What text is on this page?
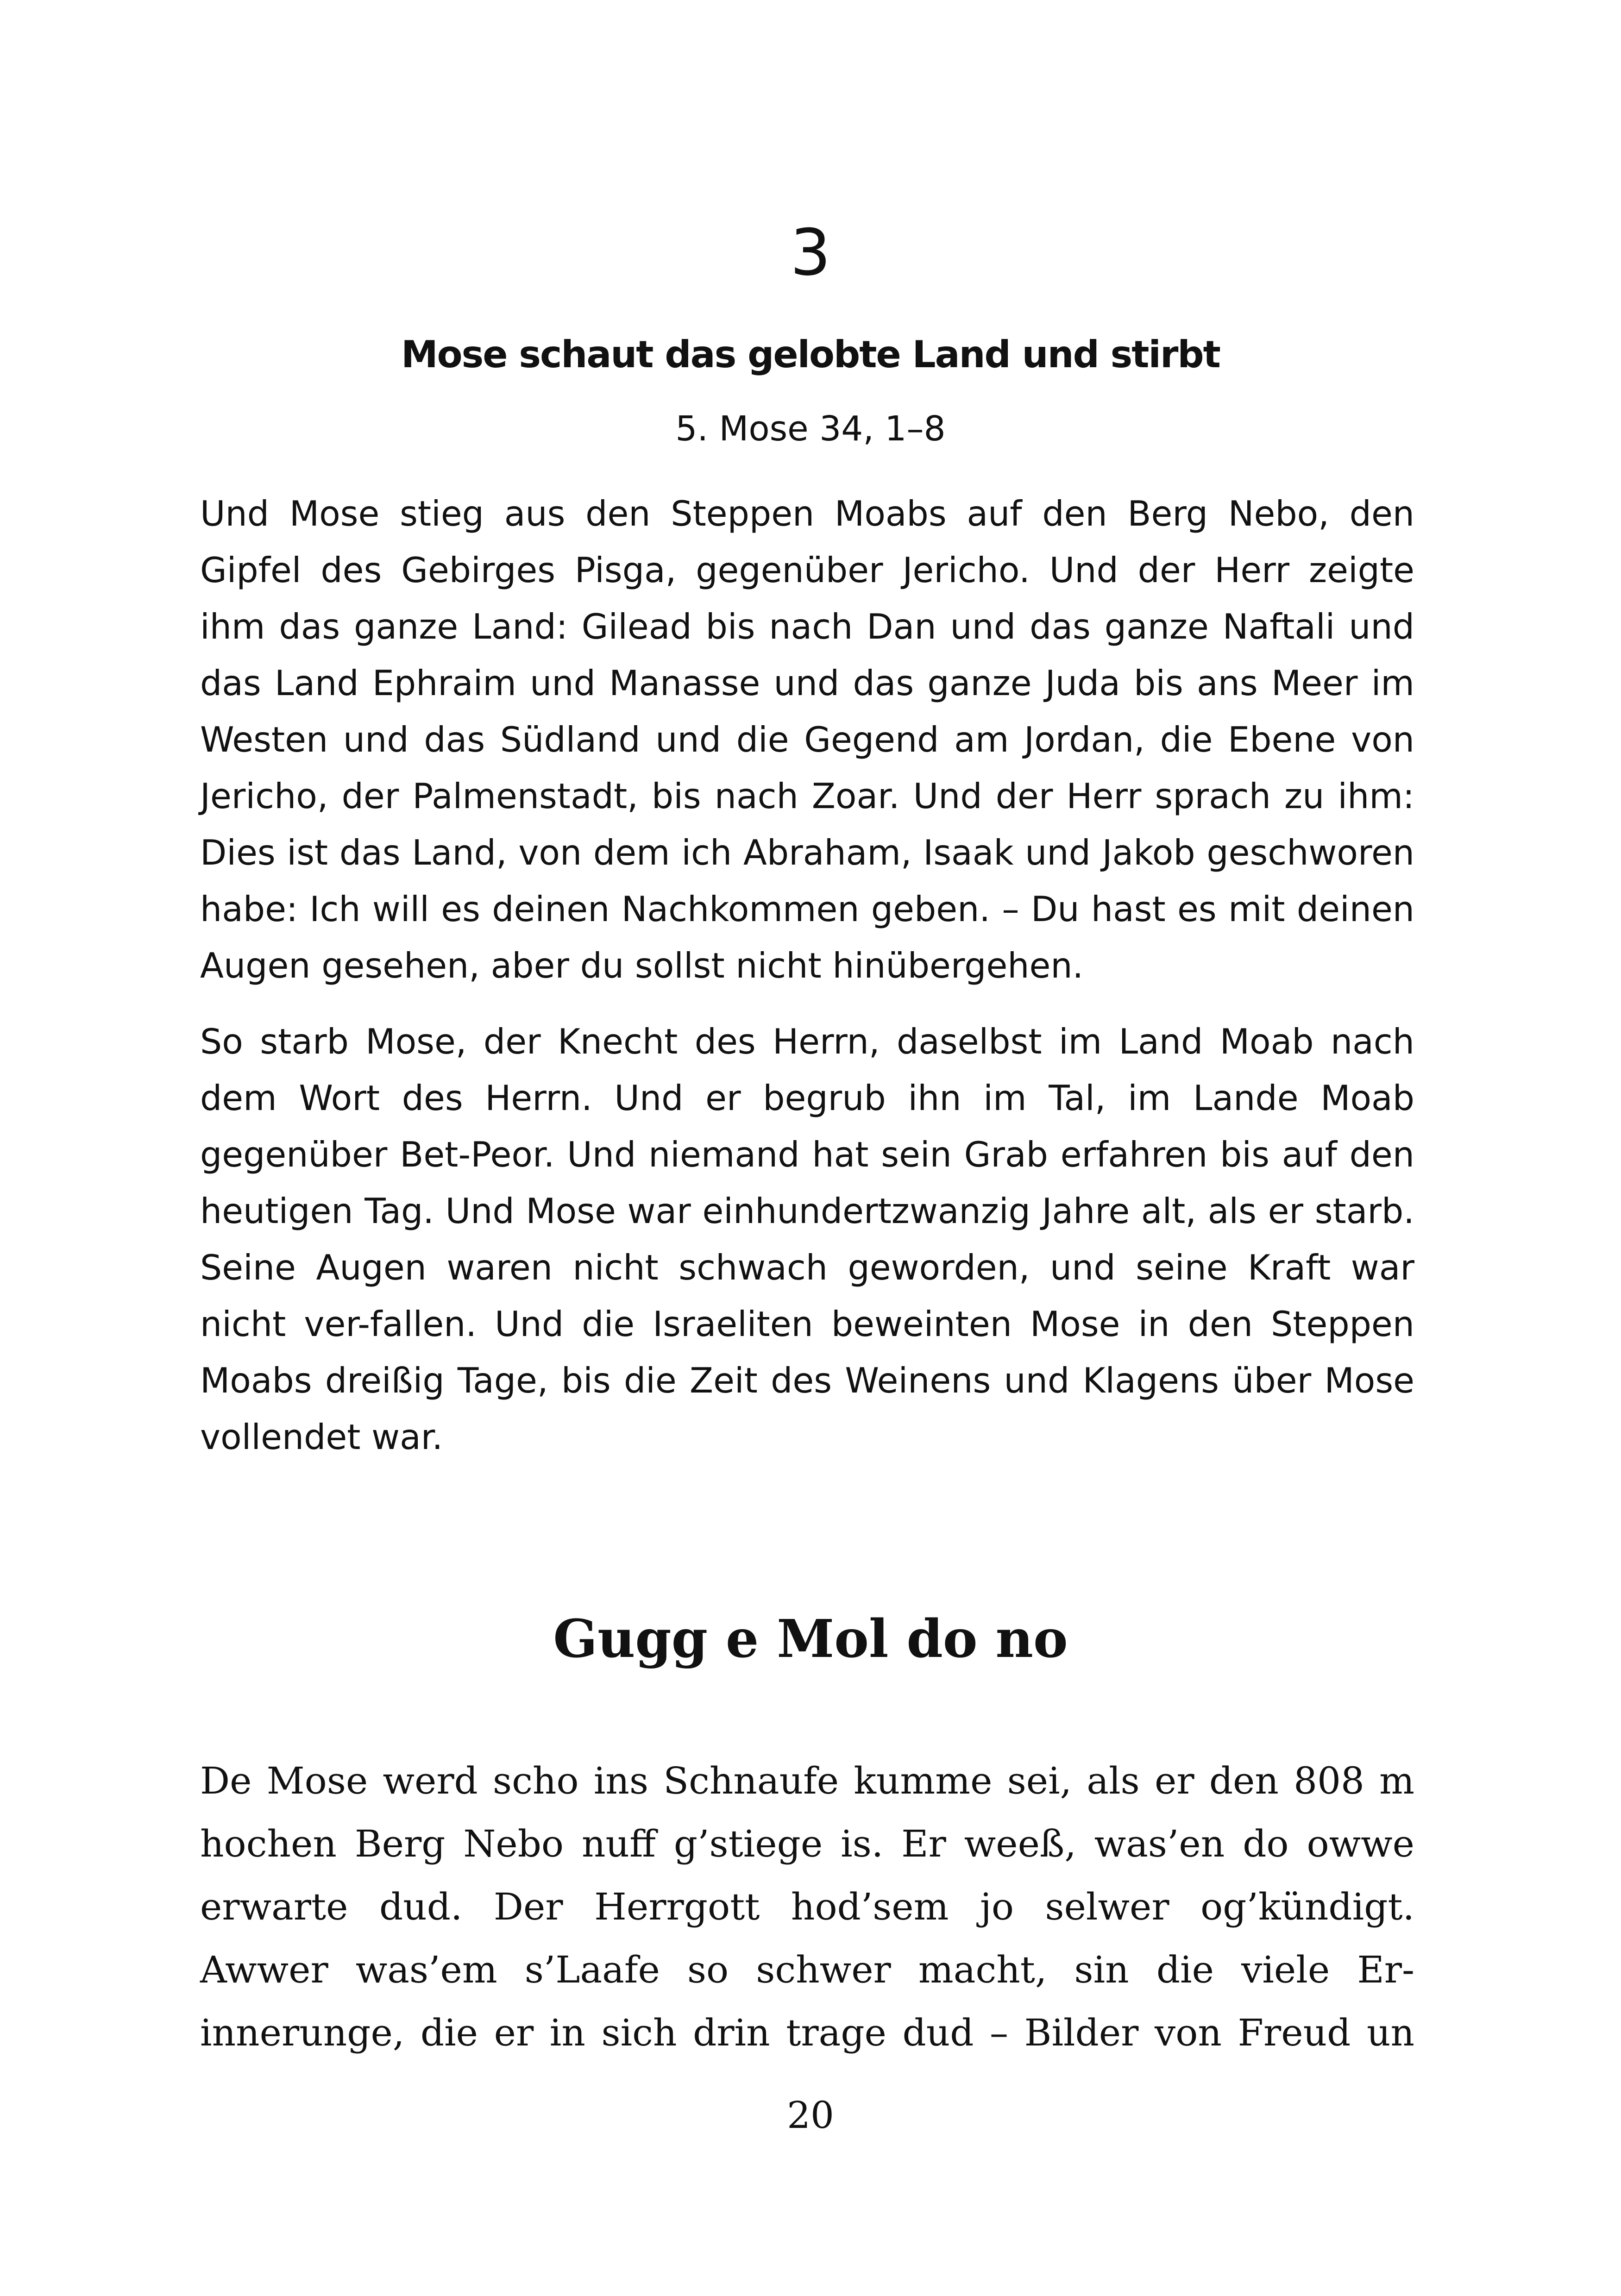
3
Mose schaut das gelobte Land und stirbt
5. Mose 34, 1–8

Und Mose stieg aus den Steppen Moabs auf den Berg Nebo, den Gipfel des Gebirges Pisga, gegenüber Jericho. Und der Herr zeigte ihm das ganze Land: Gilead bis nach Dan und das ganze Naftali und das Land Ephraim und Manasse und das ganze Juda bis ans Meer im Westen und das Südland und die Gegend am Jordan, die Ebene von Jericho, der Palmenstadt, bis nach Zoar. Und der Herr sprach zu ihm: Dies ist das Land, von dem ich Abraham, Isaak und Jakob geschworen habe: Ich will es deinen Nachkommen geben. – Du hast es mit deinen Augen gesehen, aber du sollst nicht hinübergehen.

So starb Mose, der Knecht des Herrn, daselbst im Land Moab nach dem Wort des Herrn. Und er begrub ihn im Tal, im Lande Moab gegenüber Bet-Peor. Und niemand hat sein Grab erfahren bis auf den heutigen Tag. Und Mose war einhundertzwanzig Jahre alt, als er starb. Seine Augen waren nicht schwach geworden, und seine Kraft war nicht ver-fallen. Und die Israeliten beweinten Mose in den Steppen Moabs dreißig Tage, bis die Zeit des Weinens und Klagens über Mose vollendet war.

Gugg e Mol do no

De Mose werd scho ins Schnaufe kumme sei, als er den 808 m hochen Berg Nebo nuff g’stiege is. Er weeß, was’en do owwe erwarte dud. Der Herrgott hod’sem jo selwer og’kündigt. Awwer was’em s’Laafe so schwer macht, sin die viele Er-innerunge, die er in sich drin trage dud – Bilder von Freud un

20
